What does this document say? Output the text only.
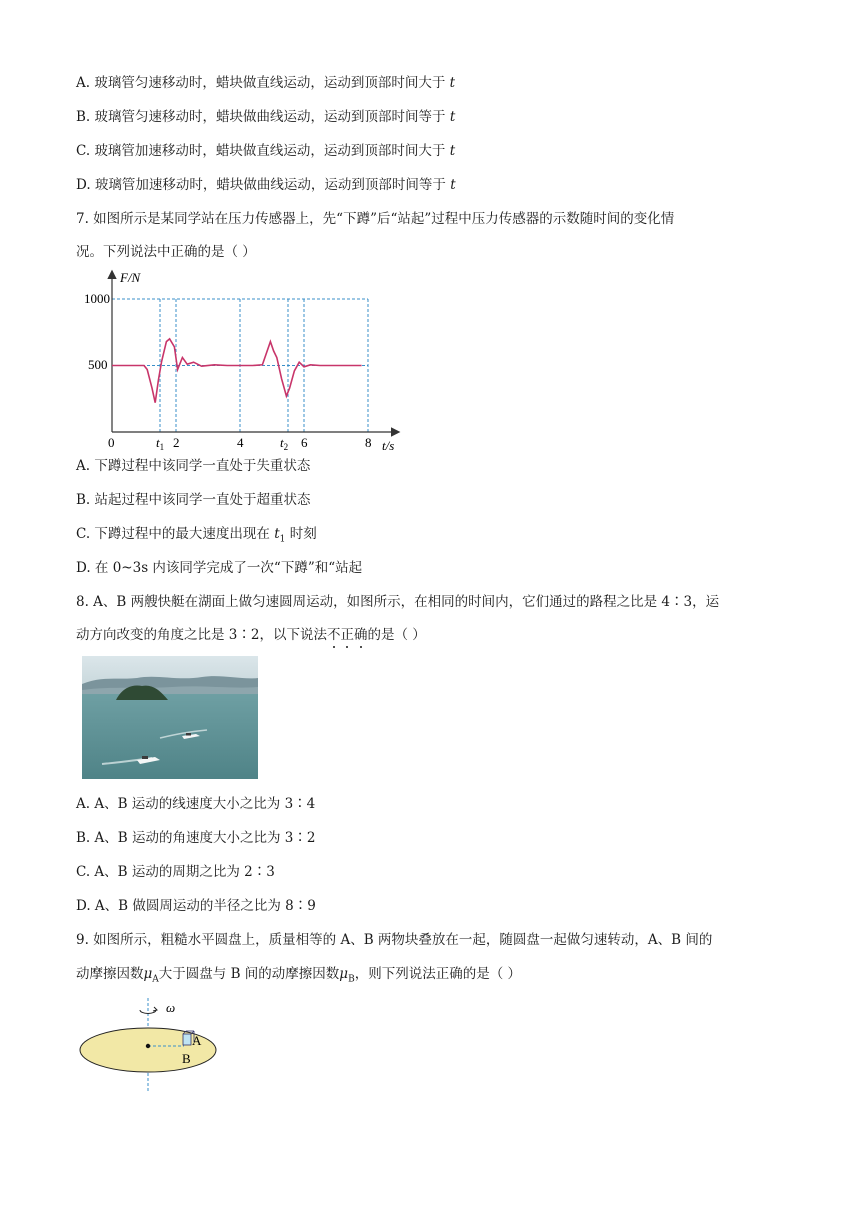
A. 玻璃管匀速移动时，蜡块做直线运动，运动到顶部时间大于 t
B. 玻璃管匀速移动时，蜡块做曲线运动，运动到顶部时间等于 t
C. 玻璃管加速移动时，蜡块做直线运动，运动到顶部时间大于 t
D. 玻璃管加速移动时，蜡块做曲线运动，运动到顶部时间等于 t
7. 如图所示是某同学站在压力传感器上，先“下蹲”后“站起”过程中压力传感器的示数随时间的变化情
况。下列说法中正确的是（ ）
F/N
t/s
1000
500
0	$t_1$ 2	4	$t_2$ 6	8
A. 下蹲过程中该同学一直处于失重状态
B. 站起过程中该同学一直处于超重状态
C. 下蹲过程中的最大速度出现在 $t_1$ 时刻
D. 在 0~3s 内该同学完成了一次“下蹲”和“站起
8. A、B 两艘快艇在湖面上做匀速圆周运动，如图所示，在相同的时间内，它们通过的路程之比是 4∶3，运
动方向改变的角度之比是 3∶2，以下说法不正确的是（ ）
A. A、B 运动的线速度大小之比为 3∶4
B. A、B 运动的角速度大小之比为 3∶2
C. A、B 运动的周期之比为 2∶3
D. A、B 做圆周运动的半径之比为 8∶9
9. 如图所示，粗糙水平圆盘上，质量相等的 A、B 两物块叠放在一起，随圆盘一起做匀速转动，A、B 间的
动摩擦因数$\mu_A$大于圆盘与 B 间的动摩擦因数$\mu_B$，则下列说法正确的是（ ）
ω
A
B
